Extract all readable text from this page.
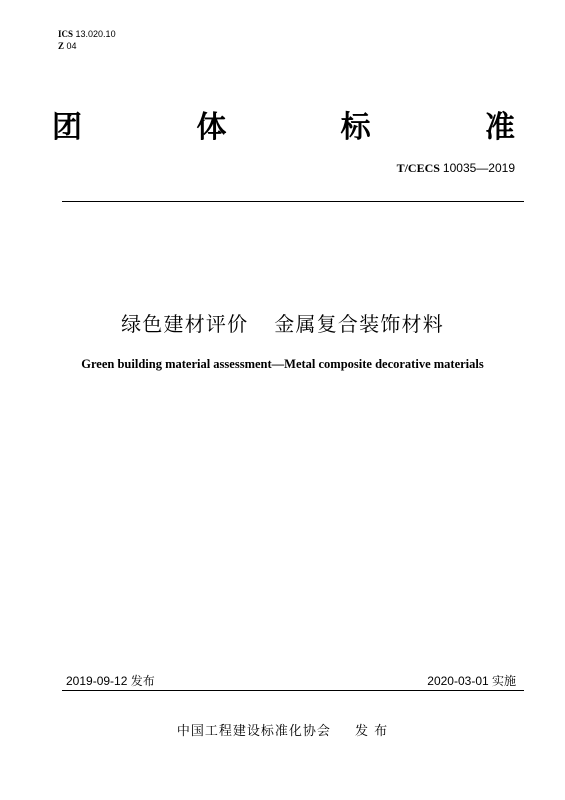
ICS 13.020.10
Z 04
团	体	标	准
T/CECS 10035—2019
绿色建材评价 金属复合装饰材料
Green building material assessment—Metal composite decorative materials
2019-09-12 发布	2020-03-01 实施
中国工程建设标准化协会 发 布
